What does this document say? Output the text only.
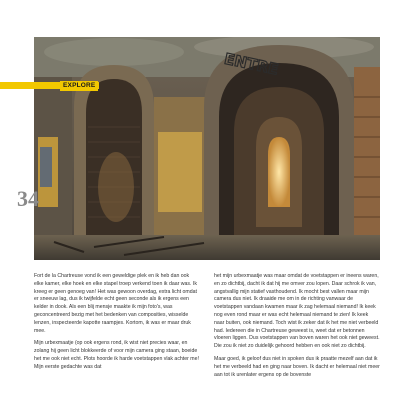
ENTRE
EXPLORE
34

Fort de la Chartreuse vond ik een geweldige plek en ik heb dan ook elke kamer, elke hoek en elke stapel troep verkend toen ik daar was. Ik kreeg er geen genoeg van! Het was gewoon overdag, extra licht omdat er sneeuw lag, dus ik twijfelde echt geen seconde als ik ergens een kelder in dook. Als een blij mensje maakte ik mijn foto's, was geconcentreerd bezig met het bedenken van composities, wisselde lenzen, inspecteerde kapotte raampjes. Kortom, ik was er maar druk mee.

Mijn urbexmaatje (op ook ergens rond, ik wist niet precies waar, en zolang hij geen licht blokkeerde of voor mijn camera ging staan, boeide het me ook niet echt. Plots hoorde ik harde voetstappen vlak achter me! Mijn eerste gedachte was dat

het mijn urbexmaatje was maar omdat de voetstappen er ineens waren, en zo dichtbij, dacht ik dat hij me omver zou lopen. Daar schrok ik van, angstvallig mijn statief vasthoudend. Ik mocht best vallen maar mijn camera dus niet. Ik draaide me om in de richting vanwaar de voetstappen vandaan kwamen maar ik zag helemaal niemand! Ik keek nog even rond maar er was echt helemaal niemand te zien! Ik keek naar buiten, ook niemand. Toch wist ik zeker dat ik het me niet verbeeld had. Iedereen die in Chartreuse geweest is, weet dat er betonnen vloeren liggen. Dus voetstappen van boven waren het ook niet geweest. Die zou ik niet zo duidelijk gehoord hebben en ook niet zo dichtbij.

Maar goed, ik geloof dus niet in spoken dus ik praatte mezelf aan dat ik het me verbeeld had en ging naar boven. Ik dacht er helemaal niet meer aan tot ik urenlater ergens op de bovenste
